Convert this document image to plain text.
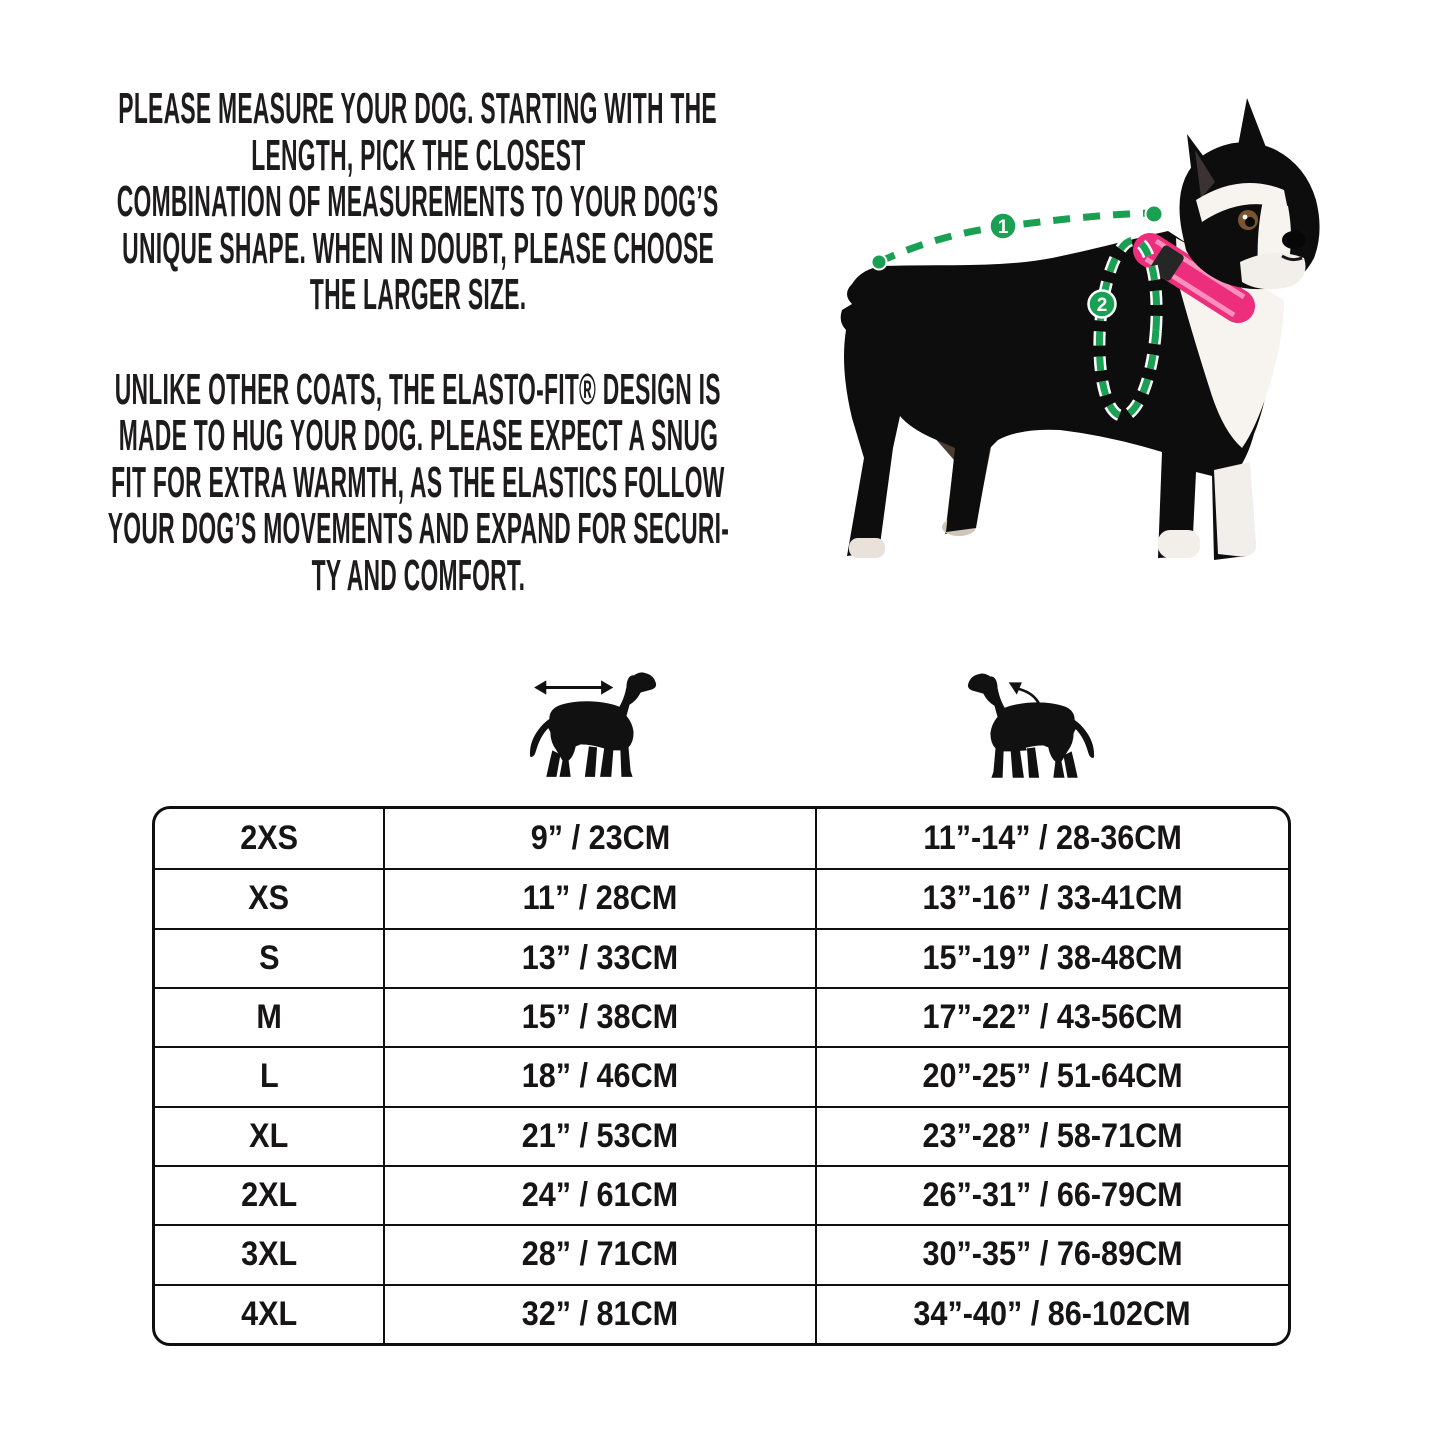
PLEASE MEASURE YOUR DOG. STARTING WITH THE
LENGTH, PICK THE CLOSEST
COMBINATION OF MEASUREMENTS TO YOUR DOG’S
UNIQUE SHAPE. WHEN IN DOUBT, PLEASE CHOOSE
THE LARGER SIZE.
UNLIKE OTHER COATS, THE ELASTO-FIT® DESIGN IS
MADE TO HUG YOUR DOG. PLEASE EXPECT A SNUG
FIT FOR EXTRA WARMTH, AS THE ELASTICS FOLLOW
YOUR DOG’S MOVEMENTS AND EXPAND FOR SECURI-
TY AND COMFORT.
1
2
2XS	9” / 23CM	11”-14” / 28-36CM
XS	11” / 28CM	13”-16” / 33-41CM
S	13” / 33CM	15”-19” / 38-48CM
M	15” / 38CM	17”-22” / 43-56CM
L	18” / 46CM	20”-25” / 51-64CM
XL	21” / 53CM	23”-28” / 58-71CM
2XL	24” / 61CM	26”-31” / 66-79CM
3XL	28” / 71CM	30”-35” / 76-89CM
4XL	32” / 81CM	34”-40” / 86-102CM
